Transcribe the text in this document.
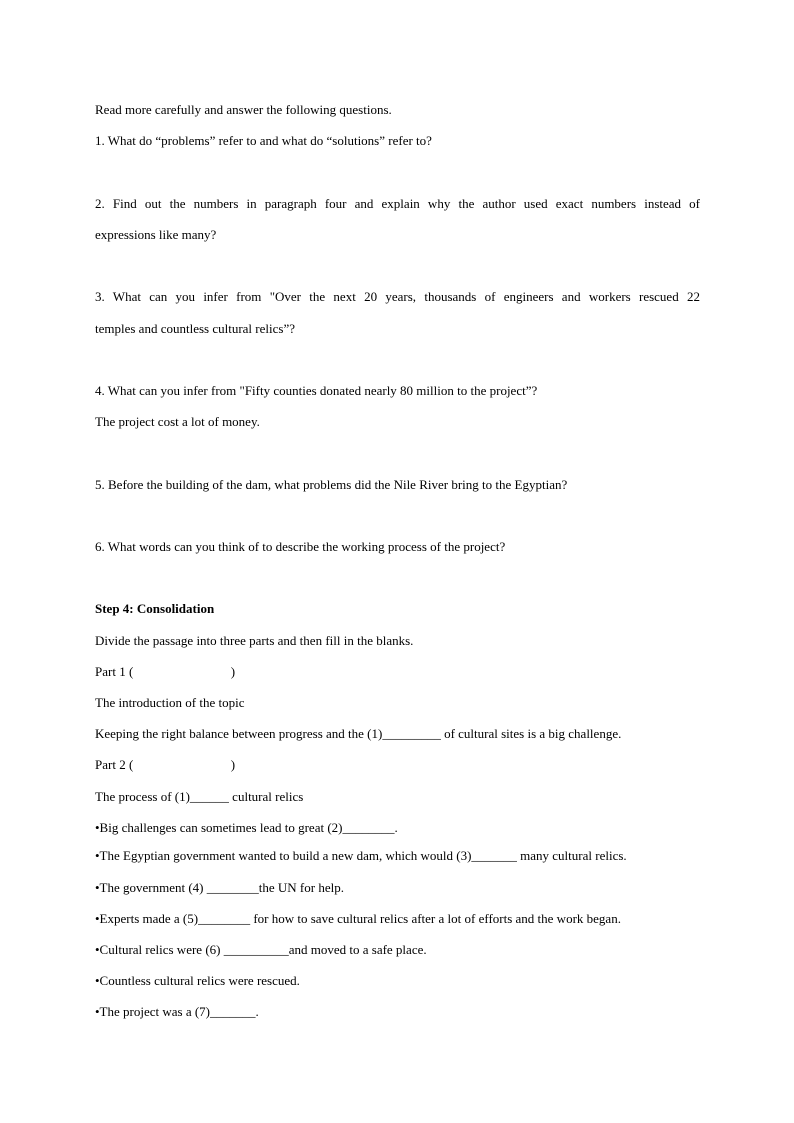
Read more carefully and answer the following questions.
1. What do “problems” refer to and what do “solutions” refer to?
2. Find out the numbers in paragraph four and explain why the author used exact numbers instead of
expressions like many?
3. What can you infer from "Over the next 20 years, thousands of engineers and workers rescued 22
temples and countless cultural relics”?
4. What can you infer from "Fifty counties donated nearly 80 million to the project”?
The project cost a lot of money.
5. Before the building of the dam, what problems did the Nile River bring to the Egyptian?
6. What words can you think of to describe the working process of the project?
Step 4: Consolidation
Divide the passage into three parts and then fill in the blanks.
Part 1 (                              )
The introduction of the topic
Keeping the right balance between progress and the (1)_________ of cultural sites is a big challenge.
Part 2 (                              )
The process of (1)______ cultural relics
•Big challenges can sometimes lead to great (2)________.
•The Egyptian government wanted to build a new dam, which would (3)_______ many cultural relics.
•The government (4) ________the UN for help.
•Experts made a (5)________ for how to save cultural relics after a lot of efforts and the work began.
•Cultural relics were (6) __________and moved to a safe place.
•Countless cultural relics were rescued.
•The project was a (7)_______.
